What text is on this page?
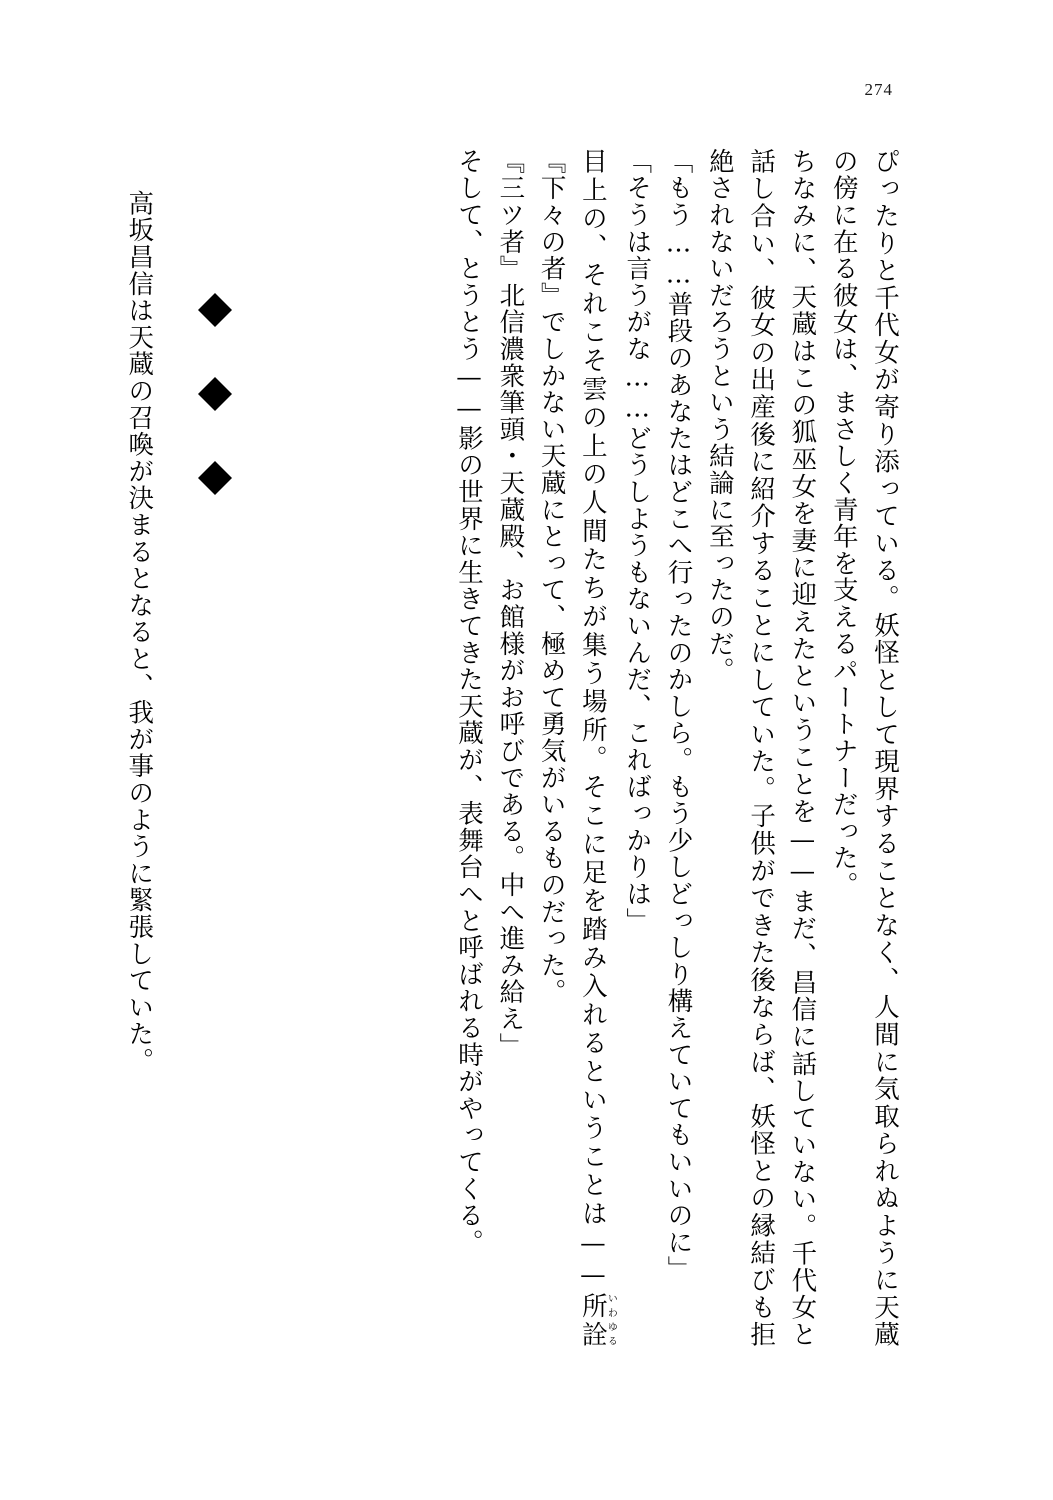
274

ぴったりと千代女が寄り添っている。妖怪として現界することなく、人間に気取られぬように天蔵の傍に在る彼女は、まさしく青年を支えるパートナーだった。

ちなみに、天蔵はこの狐巫女を妻に迎えたということを——まだ、昌信に話していない。千代女と話し合い、彼女の出産後に紹介することにしていた。子供ができた後ならば、妖怪との縁結びも拒絶されないだろうという結論に至ったのだ。

「もう……普段のあなたはどこへ行ったのかしら。もう少しどっしり構えていてもいいのに」

「そうは言うがな……どうしようもないんだ、こればっかりは」

目上の、それこそ雲の上の人間たちが集う場所。そこに足を踏み入れるということは——所詮いわゆる『下々の者』でしかない天蔵にとって、極めて勇気がいるものだった。

『三ツ者』北信濃衆筆頭・天蔵殿、お館様がお呼びである。中へ進み給え」

そして、とうとう——影の世界に生きてきた天蔵が、表舞台へと呼ばれる時がやってくる。

高坂昌信は天蔵の召喚が決まるとなると、我が事のように緊張していた。
